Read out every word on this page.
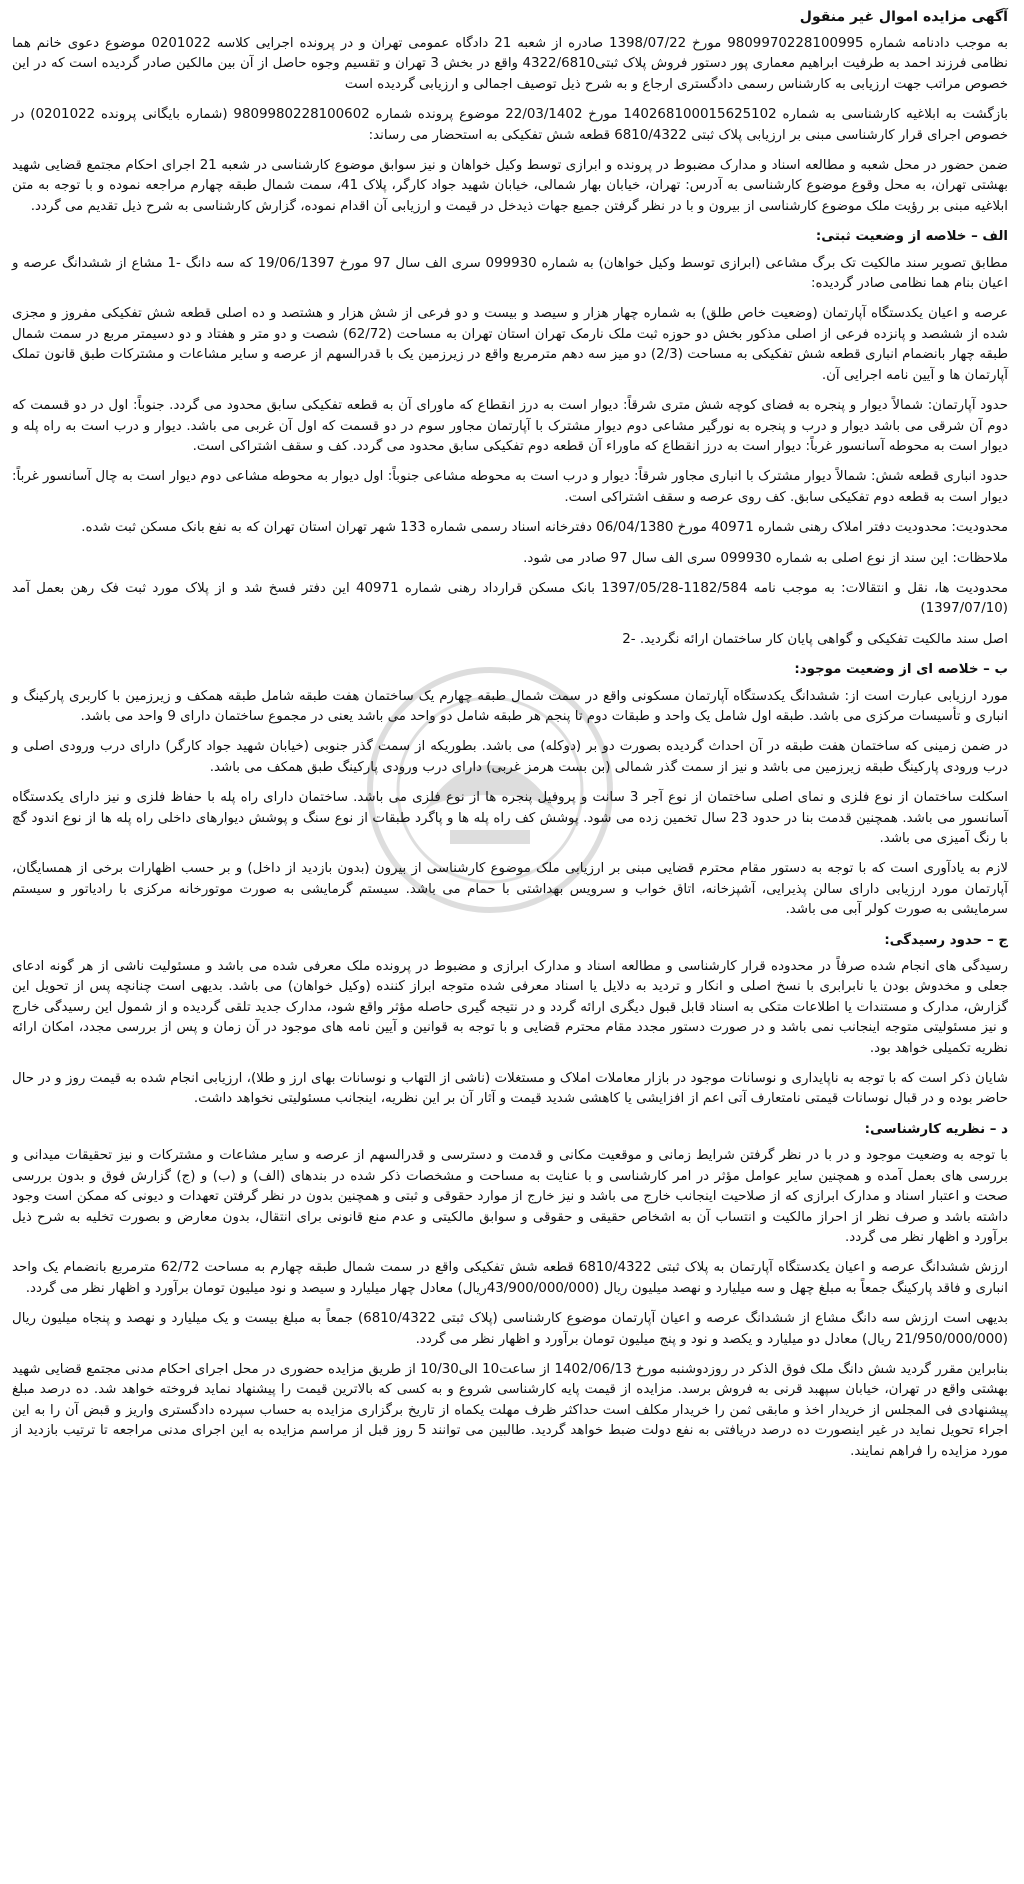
آگهی مزایده اموال غیر منقول

به موجب دادنامه شماره 9809970228100995 مورخ 1398/07/22 صادره از شعبه 21 دادگاه عمومی تهران و در پرونده اجرایی کلاسه 0201022 موضوع دعوی خانم هما نظامی فرزند احمد به طرفیت ابراهیم معماری پور دستور فروش پلاک ثبتی4322/6810 واقع در بخش 3 تهران و تقسیم وجوه حاصل از آن بین مالکین صادر گردیده است که در این خصوص مراتب جهت ارزیابی به کارشناس رسمی دادگستری ارجاع و به شرح ذیل توصیف اجمالی و ارزیابی گردیده است

بازگشت به ابلاغیه کارشناسی به شماره 140268100015625102 مورخ 22/03/1402 موضوع پرونده شماره 9809980228100602 (شماره بایگانی پرونده 0201022) در خصوص اجرای قرار کارشناسی مبنی بر ارزیابی پلاک ثبتی 6810/4322 قطعه شش تفکیکی به استحضار می رساند:

ضمن حضور در محل شعبه و مطالعه اسناد و مدارک مضبوط در پرونده و ابرازی توسط وکیل خواهان و نیز سوابق موضوع کارشناسی در شعبه 21 اجرای احکام مجتمع قضایی شهید بهشتی تهران، به محل وقوع موضوع کارشناسی به آدرس: تهران، خیابان بهار شمالی، خیابان شهید جواد کارگر، پلاک 41، سمت شمال طبقه چهارم مراجعه نموده و با توجه به متن ابلاغیه مبنی بر رؤیت ملک موضوع کارشناسی از بیرون و با در نظر گرفتن جمیع جهات ذیدخل در قیمت و ارزیابی آن اقدام نموده، گزارش کارشناسی به شرح ذیل تقدیم می گردد.

الف – خلاصه از وضعیت ثبتی:

مطابق تصویر سند مالکیت تک برگ مشاعی (ابرازی توسط وکیل خواهان) به شماره 099930 سری الف سال 97 مورخ 19/06/1397 که سه دانگ -1 مشاع از ششدانگ عرصه و اعیان بنام هما نظامی صادر گردیده:

عرصه و اعیان یکدستگاه آپارتمان (وضعیت خاص طلق) به شماره چهار هزار و سیصد و بیست و دو فرعی از شش هزار و هشتصد و ده اصلی قطعه شش تفکیکی مفروز و مجزی شده از ششصد و پانزده فرعی از اصلی مذکور بخش دو حوزه ثبت ملک نارمک تهران استان تهران به مساحت (62/72) شصت و دو متر و هفتاد و دو دسیمتر مربع در سمت شمال طبقه چهار بانضمام انباری قطعه شش تفکیکی به مساحت (2/3) دو میز سه دهم مترمربع واقع در زیرزمین یک با قدرالسهم از عرصه و سایر مشاعات و مشترکات طبق قانون تملک آپارتمان ها و آیین نامه اجرایی آن.

حدود آپارتمان: شمالاً دیوار و پنجره به فضای کوچه شش متری شرقاً: دیوار است به درز انقطاع که ماورای آن به قطعه تفکیکی سابق محدود می گردد. جنوباً: اول در دو قسمت که دوم آن شرقی می باشد دیوار و درب و پنجره به نورگیر مشاعی دوم دیوار مشترک با آپارتمان مجاور سوم در دو قسمت که اول آن غربی می باشد. دیوار و درب است به راه پله و دیوار است به محوطه آسانسور غرباً: دیوار است به درز انقطاع که ماوراء آن قطعه دوم تفکیکی سابق محدود می گردد. کف و سقف اشتراکی است.

حدود انباری قطعه شش: شمالاً دیوار مشترک با انباری مجاور شرقاً: دیوار و درب است به محوطه مشاعی جنوباً: اول دیوار به محوطه مشاعی دوم دیوار است به چال آسانسور غرباً: دیوار است به قطعه دوم تفکیکی سابق. کف روی عرصه و سقف اشتراکی است.

محدودیت: محدودیت دفتر املاک رهنی شماره 40971 مورخ 06/04/1380 دفترخانه اسناد رسمی شماره 133 شهر تهران استان تهران که به نفع بانک مسکن ثبت شده.

ملاحظات: این سند از نوع اصلی به شماره 099930 سری الف سال 97 صادر می شود.

محدودیت ها، نقل و انتقالات: به موجب نامه 1182/584-1397/05/28 بانک مسکن قرارداد رهنی شماره 40971 این دفتر فسخ شد و از پلاک مورد ثبت فک رهن بعمل آمد (1397/07/10)

اصل سند مالکیت تفکیکی و گواهی پایان کار ساختمان ارائه نگردید. -2

ب – خلاصه ای از وضعیت موجود:

مورد ارزیابی عبارت است از: ششدانگ یکدستگاه آپارتمان مسکونی واقع در سمت شمال طبقه چهارم یک ساختمان هفت طبقه شامل طبقه همکف و زیرزمین با کاربری پارکینگ و انباری و تأسیسات مرکزی می باشد. طبقه اول شامل یک واحد و طبقات دوم تا پنجم هر طبقه شامل دو واحد می باشد یعنی در مجموع ساختمان دارای 9 واحد می باشد.

در ضمن زمینی که ساختمان هفت طبقه در آن احداث گردیده بصورت دو بر (دوکله) می باشد. بطوریکه از سمت گذر جنوبی (خیابان شهید جواد کارگر) دارای درب ورودی اصلی و درب ورودی پارکینگ طبقه زیرزمین می باشد و نیز از سمت گذر شمالی (بن بست هرمز غربی) دارای درب ورودی پارکینگ طبق همکف می باشد.

اسکلت ساختمان از نوع فلزی و نمای اصلی ساختمان از نوع آجر 3 سانت و پروفیل پنجره ها از نوع فلزی می باشد. ساختمان دارای راه پله با حفاظ فلزی و نیز دارای یکدستگاه آسانسور می باشد. همچنین قدمت بنا در حدود 23 سال تخمین زده می شود. پوشش کف راه پله ها و پاگرد طبقات از نوع سنگ و پوشش دیوارهای داخلی راه پله ها از نوع اندود گچ با رنگ آمیزی می باشد.

لازم به یادآوری است که با توجه به دستور مقام محترم قضایی مبنی بر ارزیابی ملک موضوع کارشناسی از بیرون (بدون بازدید از داخل) و بر حسب اظهارات برخی از همسایگان، آپارتمان مورد ارزیابی دارای سالن پذیرایی، آشپزخانه، اتاق خواب و سرویس بهداشتی با حمام می باشد. سیستم گرمایشی به صورت موتورخانه مرکزی با رادیاتور و سیستم سرمایشی به صورت کولر آبی می باشد.

ج – حدود رسیدگی:

رسیدگی های انجام شده صرفاً در محدوده قرار کارشناسی و مطالعه اسناد و مدارک ابرازی و مضبوط در پرونده ملک معرفی شده می باشد و مسئولیت ناشی از هر گونه ادعای جعلی و مخدوش بودن یا نابرابری با نسخ اصلی و انکار و تردید به دلایل یا اسناد معرفی شده متوجه ابراز کننده (وکیل خواهان) می باشد. بدیهی است چنانچه پس از تحویل این گزارش، مدارک و مستندات یا اطلاعات متکی به اسناد قابل قبول دیگری ارائه گردد و در نتیجه گیری حاصله مؤثر واقع شود، مدارک جدید تلقی گردیده و از شمول این رسیدگی خارج و نیز مسئولیتی متوجه اینجانب نمی باشد و در صورت دستور مجدد مقام محترم قضایی و با توجه به قوانین و آیین نامه های موجود در آن زمان و پس از بررسی مجدد، امکان ارائه نظریه تکمیلی خواهد بود.

شایان ذکر است که با توجه به ناپایداری و نوسانات موجود در بازار معاملات املاک و مستغلات (ناشی از التهاب و نوسانات بهای ارز و طلا)، ارزیابی انجام شده به قیمت روز و در حال حاضر بوده و در قبال نوسانات قیمتی نامتعارف آتی اعم از افزایشی یا کاهشی شدید قیمت و آثار آن بر این نظریه، اینجانب مسئولیتی نخواهد داشت.

د – نظریه کارشناسی:

با توجه به وضعیت موجود و در با در نظر گرفتن شرایط زمانی و موقعیت مکانی و قدمت و دسترسی و قدرالسهم از عرصه و سایر مشاعات و مشترکات و نیز تحقیقات میدانی و بررسی های بعمل آمده و همچنین سایر عوامل مؤثر در امر کارشناسی و با عنایت به مساحت و مشخصات ذکر شده در بندهای (الف) و (ب) و (ج) گزارش فوق و بدون بررسی صحت و اعتبار اسناد و مدارک ابرازی که از صلاحیت اینجانب خارج می باشد و نیز خارج از موارد حقوقی و ثبتی و همچنین بدون در نظر گرفتن تعهدات و دیونی که ممکن است وجود داشته باشد و صرف نظر از احراز مالکیت و انتساب آن به اشخاص حقیقی و حقوقی و سوابق مالکیتی و عدم منع قانونی برای انتقال، بدون معارض و بصورت تخلیه به شرح ذیل برآورد و اظهار نظر می گردد.

ارزش ششدانگ عرصه و اعیان یکدستگاه آپارتمان به پلاک ثبتی 6810/4322 قطعه شش تفکیکی واقع در سمت شمال طبقه چهارم به مساحت 62/72 مترمربع بانضمام یک واحد انباری و فاقد پارکینگ جمعاً به مبلغ چهل و سه میلیارد و نهصد میلیون ریال (43/900/000/000ریال) معادل چهار میلیارد و سیصد و نود میلیون تومان برآورد و اظهار نظر می گردد.

بدیهی است ارزش سه دانگ مشاع از ششدانگ عرصه و اعیان آپارتمان موضوع کارشناسی (پلاک ثبتی 6810/4322) جمعاً به مبلغ بیست و یک میلیارد و نهصد و پنجاه میلیون ریال (21/950/000/000 ریال) معادل دو میلیارد و یکصد و نود و پنج میلیون تومان برآورد و اظهار نظر می گردد.

بنابراین مقرر گردید شش دانگ ملک فوق الذکر در روزدوشنبه مورخ 1402/06/13 از ساعت10 الی10/30 از طریق مزایده حضوری در محل اجرای احکام مدنی مجتمع قضایی شهید بهشتی واقع در تهران، خیابان سپهبد قرنی به فروش برسد. مزایده از قیمت پایه کارشناسی شروع و به کسی که بالاترین قیمت را پیشنهاد نماید فروخته خواهد شد. ده درصد مبلغ پیشنهادی فی المجلس از خریدار اخذ و مابقی ثمن را خریدار مکلف است حداکثر ظرف مهلت یکماه از تاریخ برگزاری مزایده به حساب سپرده دادگستری واریز و قبض آن را به این اجراء تحویل نماید در غیر اینصورت ده درصد دریافتی به نفع دولت ضبط خواهد گردید. طالبین می توانند 5 روز قبل از مراسم مزایده به این اجرای مدنی مراجعه تا ترتیب بازدید از مورد مزایده را فراهم نمایند.
